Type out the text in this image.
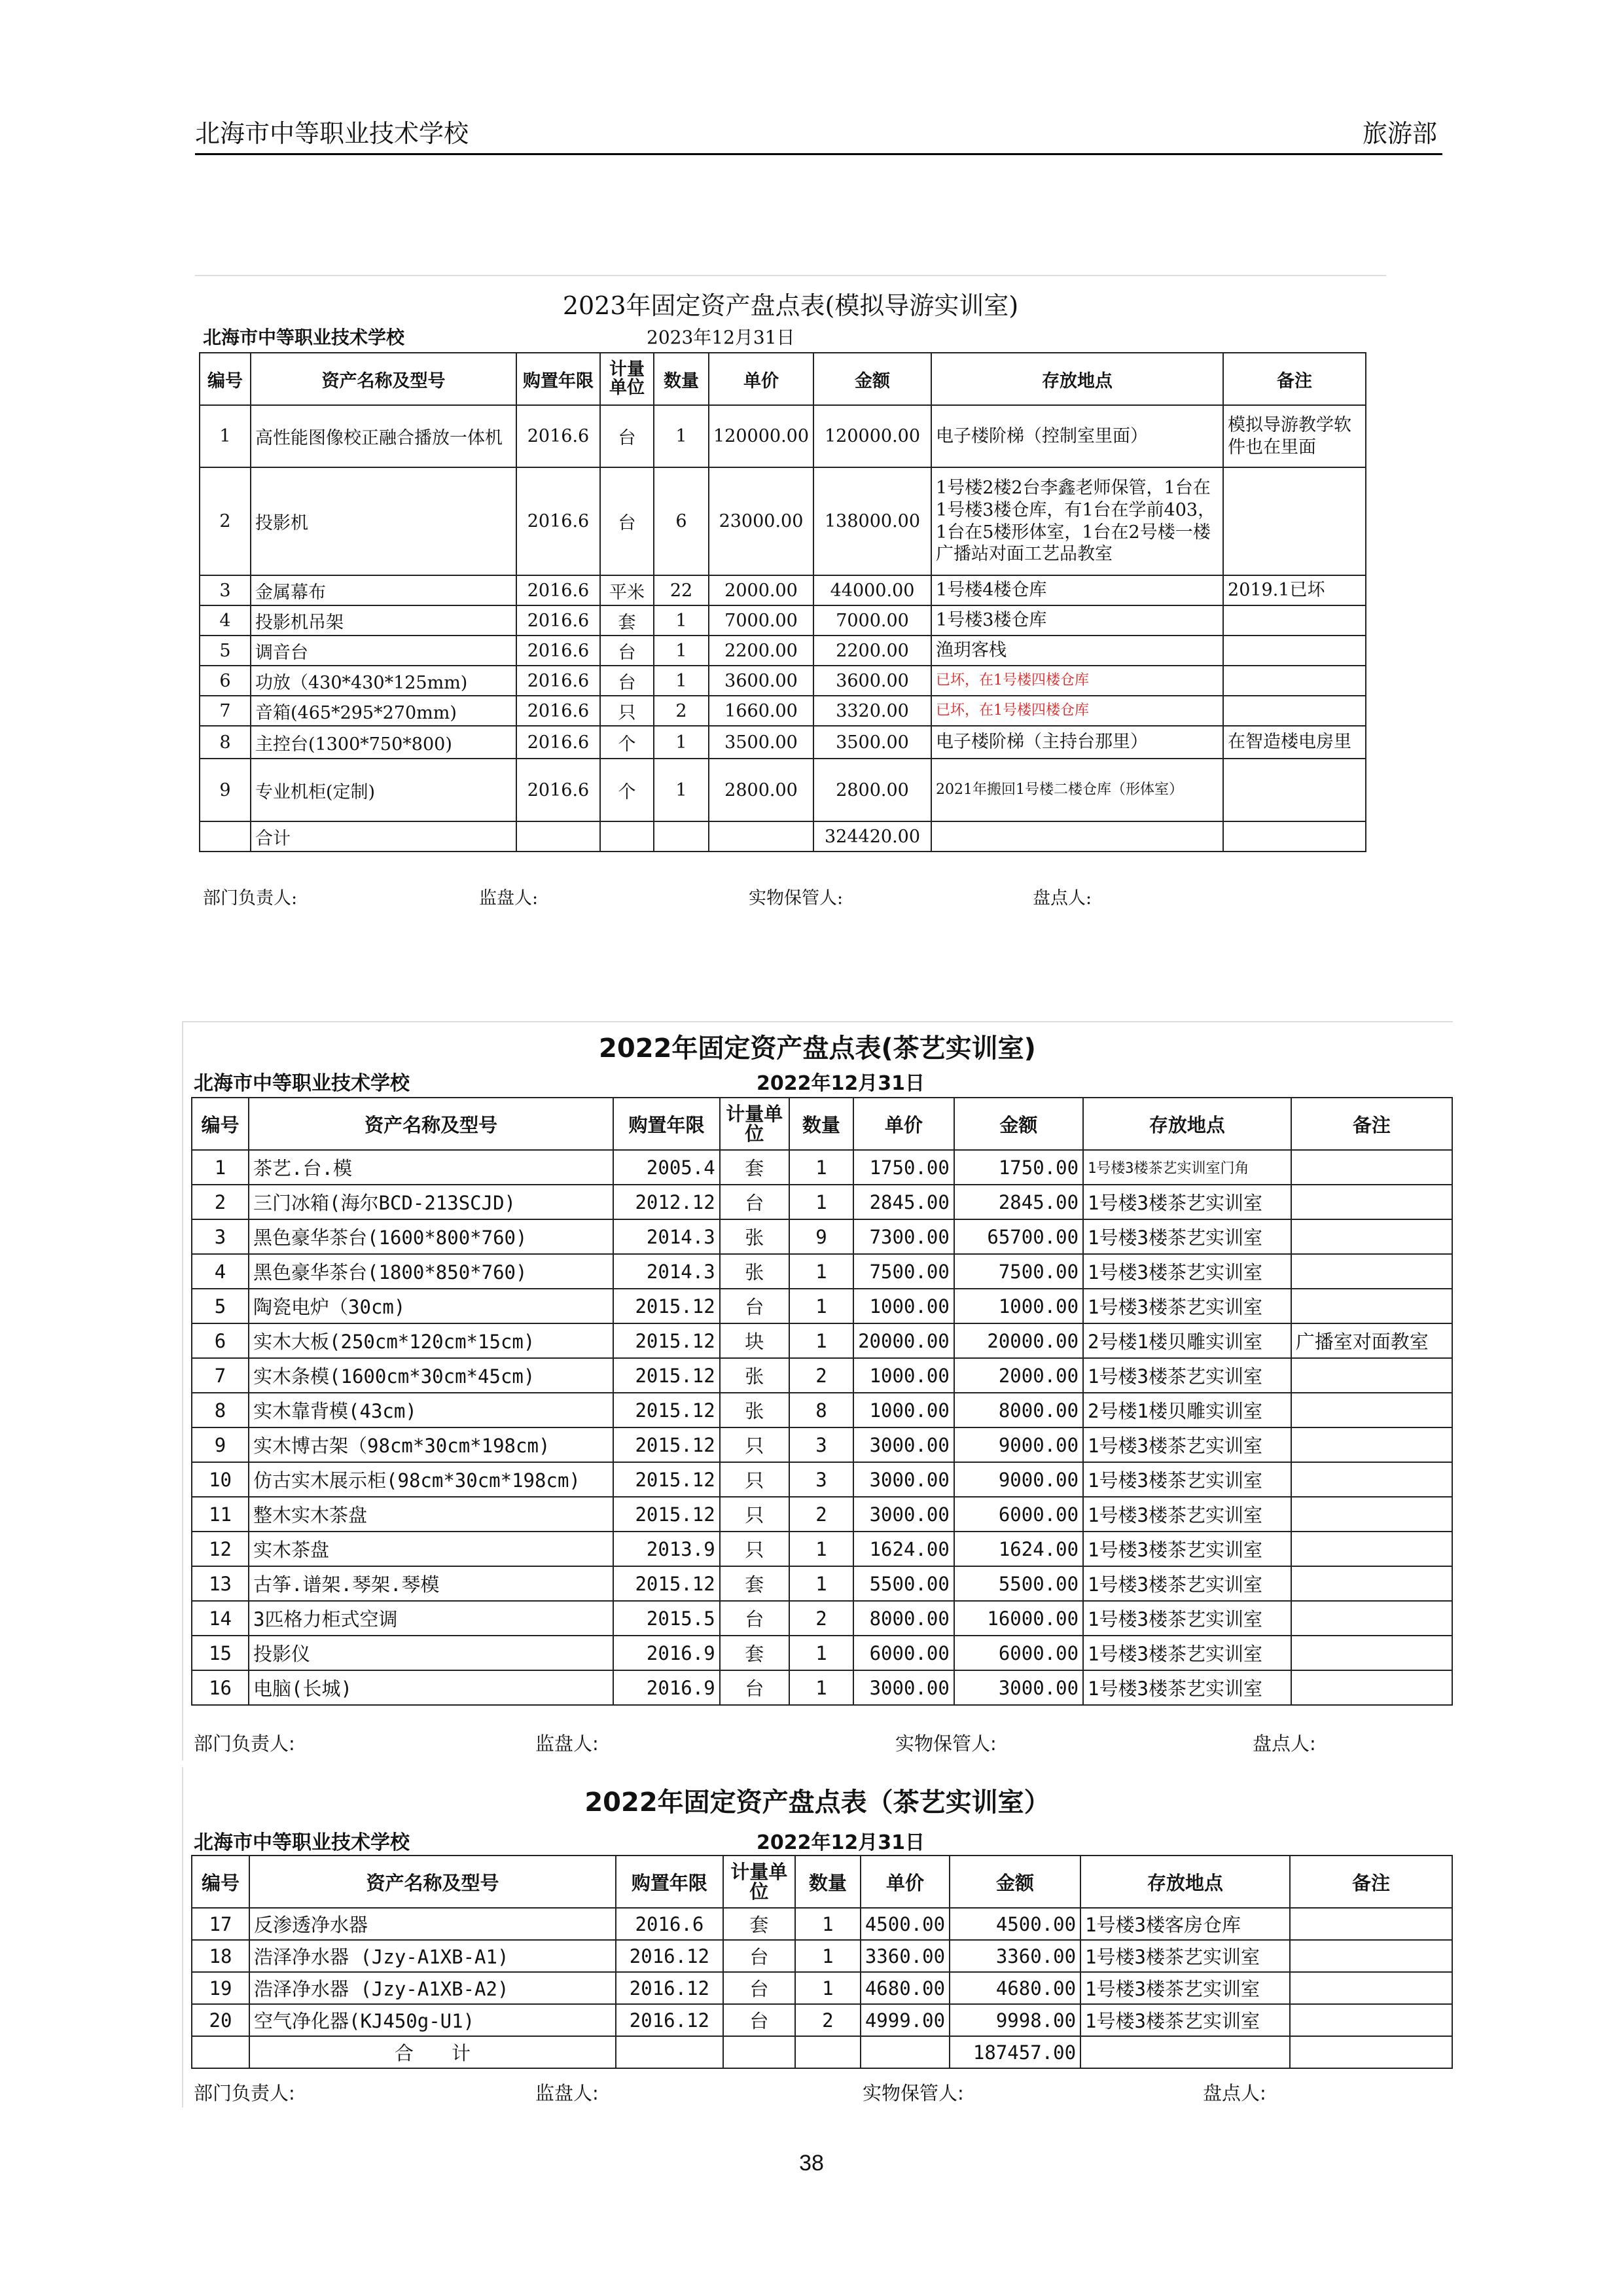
北海市中等职业技术学校	旅游部
2023年固定资产盘点表(模拟导游实训室)
北海市中等职业技术学校	2023年12月31日
编号	资产名称及型号	购置年限	计量单位	数量	单价	金额	存放地点	备注
1	高性能图像校正融合播放一体机	2016.6	台	1	120000.00	120000.00	电子楼阶梯（控制室里面）	模拟导游教学软件也在里面
2	投影机	2016.6	台	6	23000.00	138000.00	1号楼2楼2台李鑫老师保管，1台在1号楼3楼仓库，有1台在学前403，1台在5楼形体室，1台在2号楼一楼广播站对面工艺品教室	
3	金属幕布	2016.6	平米	22	2000.00	44000.00	1号楼4楼仓库	2019.1已坏
4	投影机吊架	2016.6	套	1	7000.00	7000.00	1号楼3楼仓库	
5	调音台	2016.6	台	1	2200.00	2200.00	渔玥客栈	
6	功放（430*430*125mm)	2016.6	台	1	3600.00	3600.00	已坏，在1号楼四楼仓库	
7	音箱(465*295*270mm)	2016.6	只	2	1660.00	3320.00	已坏，在1号楼四楼仓库	
8	主控台(1300*750*800)	2016.6	个	1	3500.00	3500.00	电子楼阶梯（主持台那里）	在智造楼电房里
9	专业机柜(定制)	2016.6	个	1	2800.00	2800.00	2021年搬回1号楼二楼仓库（形体室）	
	合计					324420.00		
部门负责人:	监盘人:	实物保管人:	盘点人:
2022年固定资产盘点表(茶艺实训室)
北海市中等职业技术学校	2022年12月31日
编号	资产名称及型号	购置年限	计量单位	数量	单价	金额	存放地点	备注
1	茶艺.台.模	2005.4	套	1	1750.00	1750.00	1号楼3楼茶艺实训室门角	
2	三门冰箱(海尔BCD-213SCJD)	2012.12	台	1	2845.00	2845.00	1号楼3楼茶艺实训室	
3	黑色豪华茶台(1600*800*760)	2014.3	张	9	7300.00	65700.00	1号楼3楼茶艺实训室	
4	黑色豪华茶台(1800*850*760)	2014.3	张	1	7500.00	7500.00	1号楼3楼茶艺实训室	
5	陶瓷电炉（30cm)	2015.12	台	1	1000.00	1000.00	1号楼3楼茶艺实训室	
6	实木大板(250cm*120cm*15cm)	2015.12	块	1	20000.00	20000.00	2号楼1楼贝雕实训室	广播室对面教室
7	实木条模(1600cm*30cm*45cm)	2015.12	张	2	1000.00	2000.00	1号楼3楼茶艺实训室	
8	实木靠背模(43cm)	2015.12	张	8	1000.00	8000.00	2号楼1楼贝雕实训室	
9	实木博古架（98cm*30cm*198cm)	2015.12	只	3	3000.00	9000.00	1号楼3楼茶艺实训室	
10	仿古实木展示柜(98cm*30cm*198cm)	2015.12	只	3	3000.00	9000.00	1号楼3楼茶艺实训室	
11	整木实木茶盘	2015.12	只	2	3000.00	6000.00	1号楼3楼茶艺实训室	
12	实木茶盘	2013.9	只	1	1624.00	1624.00	1号楼3楼茶艺实训室	
13	古筝.谱架.琴架.琴模	2015.12	套	1	5500.00	5500.00	1号楼3楼茶艺实训室	
14	3匹格力柜式空调	2015.5	台	2	8000.00	16000.00	1号楼3楼茶艺实训室	
15	投影仪	2016.9	套	1	6000.00	6000.00	1号楼3楼茶艺实训室	
16	电脑(长城)	2016.9	台	1	3000.00	3000.00	1号楼3楼茶艺实训室	
部门负责人:	监盘人:	实物保管人:	盘点人:
2022年固定资产盘点表（茶艺实训室）
北海市中等职业技术学校	2022年12月31日
编号	资产名称及型号	购置年限	计量单位	数量	单价	金额	存放地点	备注
17	反渗透净水器	2016.6	套	1	4500.00	4500.00	1号楼3楼客房仓库	
18	浩泽净水器 (Jzy-A1XB-A1)	2016.12	台	1	3360.00	3360.00	1号楼3楼茶艺实训室	
19	浩泽净水器 (Jzy-A1XB-A2)	2016.12	台	1	4680.00	4680.00	1号楼3楼茶艺实训室	
20	空气净化器(KJ450g-U1)	2016.12	台	2	4999.00	9998.00	1号楼3楼茶艺实训室	
	合　　计					187457.00		
部门负责人:	监盘人:	实物保管人:	盘点人:
38
